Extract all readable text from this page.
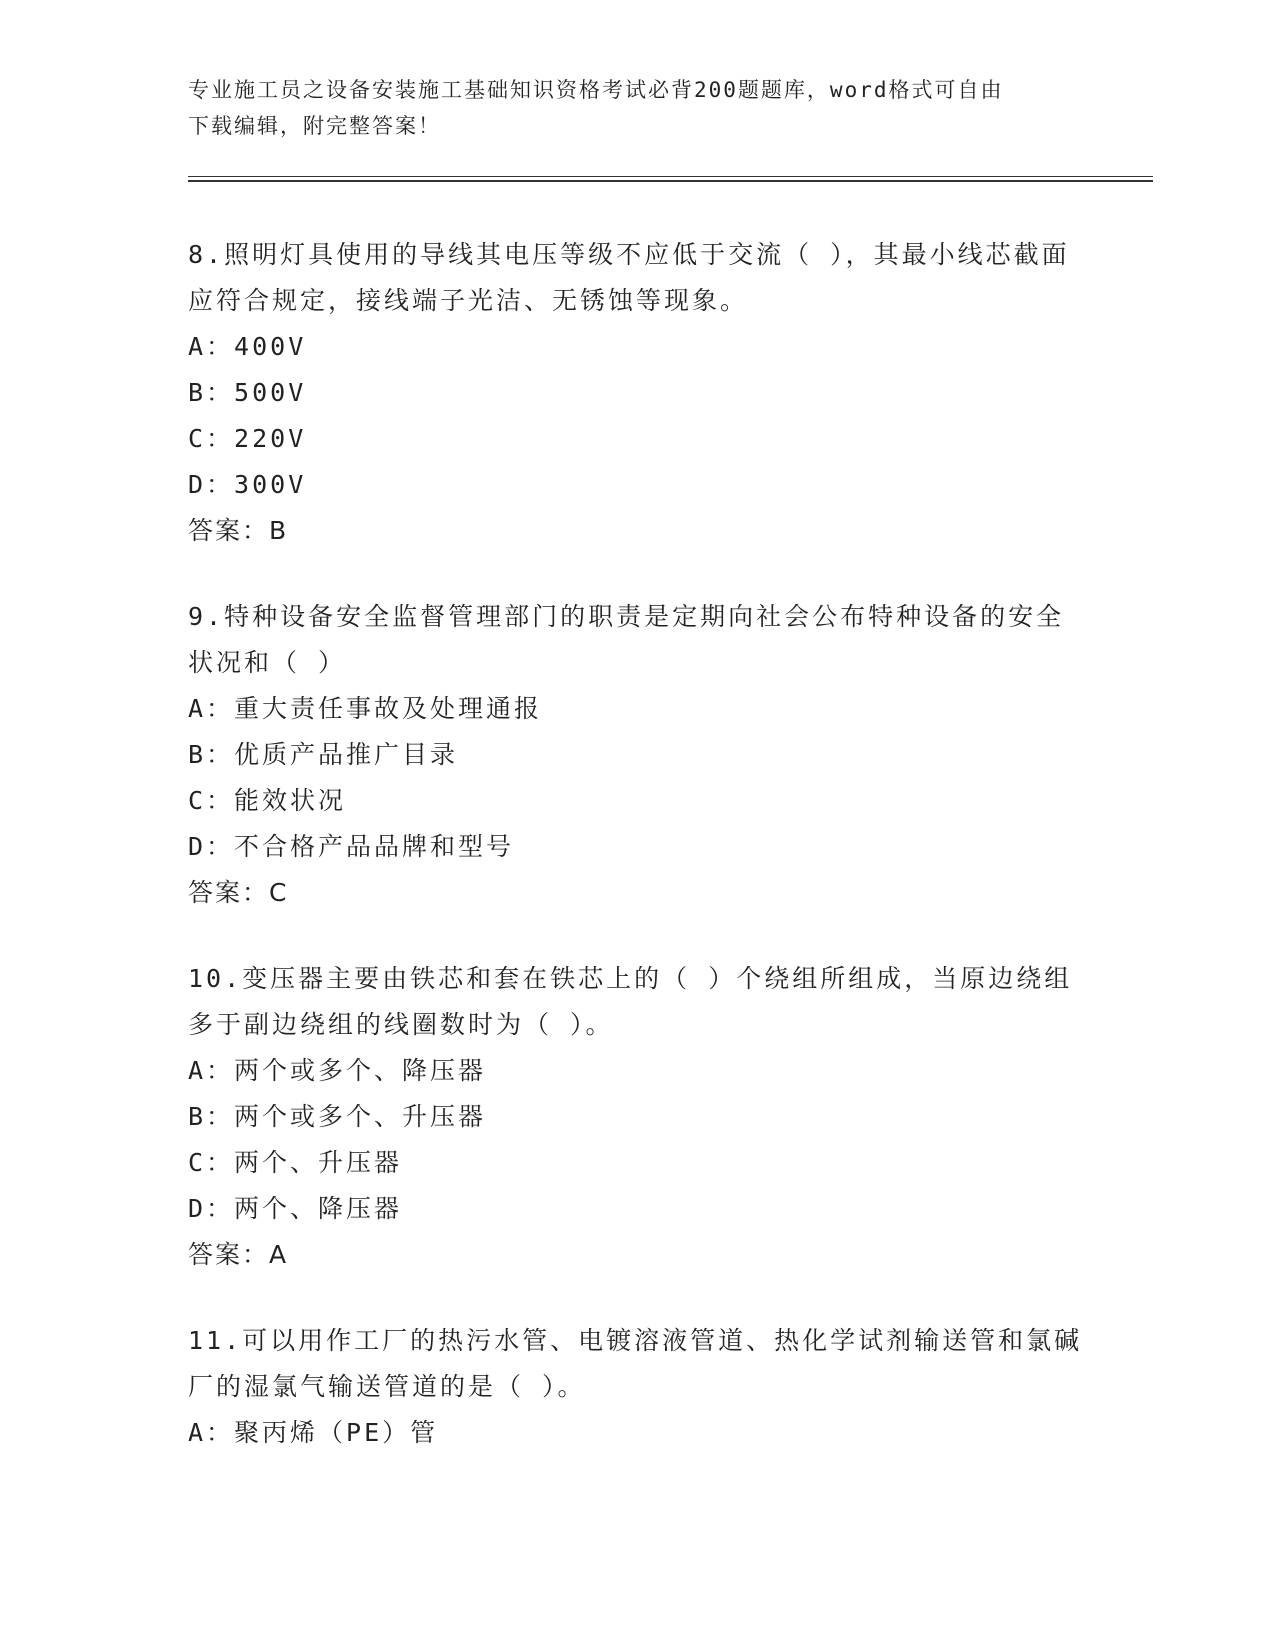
专业施工员之设备安装施工基础知识资格考试必背200题题库，word格式可自由
下载编辑，附完整答案！

8.照明灯具使用的导线其电压等级不应低于交流（ ），其最小线芯截面应符合规定，接线端子光洁、无锈蚀等现象。

A：400V

B：500V

C：220V

D：300V

答案：B

9.特种设备安全监督管理部门的职责是定期向社会公布特种设备的安全状况和（ ）

A：重大责任事故及处理通报

B：优质产品推广目录

C：能效状况

D：不合格产品品牌和型号

答案：C

10.变压器主要由铁芯和套在铁芯上的（ ）个绕组所组成，当原边绕组多于副边绕组的线圈数时为（ ）。

A：两个或多个、降压器

B：两个或多个、升压器

C：两个、升压器

D：两个、降压器

答案：A

11.可以用作工厂的热污水管、电镀溶液管道、热化学试剂输送管和氯碱厂的湿氯气输送管道的是（ ）。

A：聚丙烯（PE）管
